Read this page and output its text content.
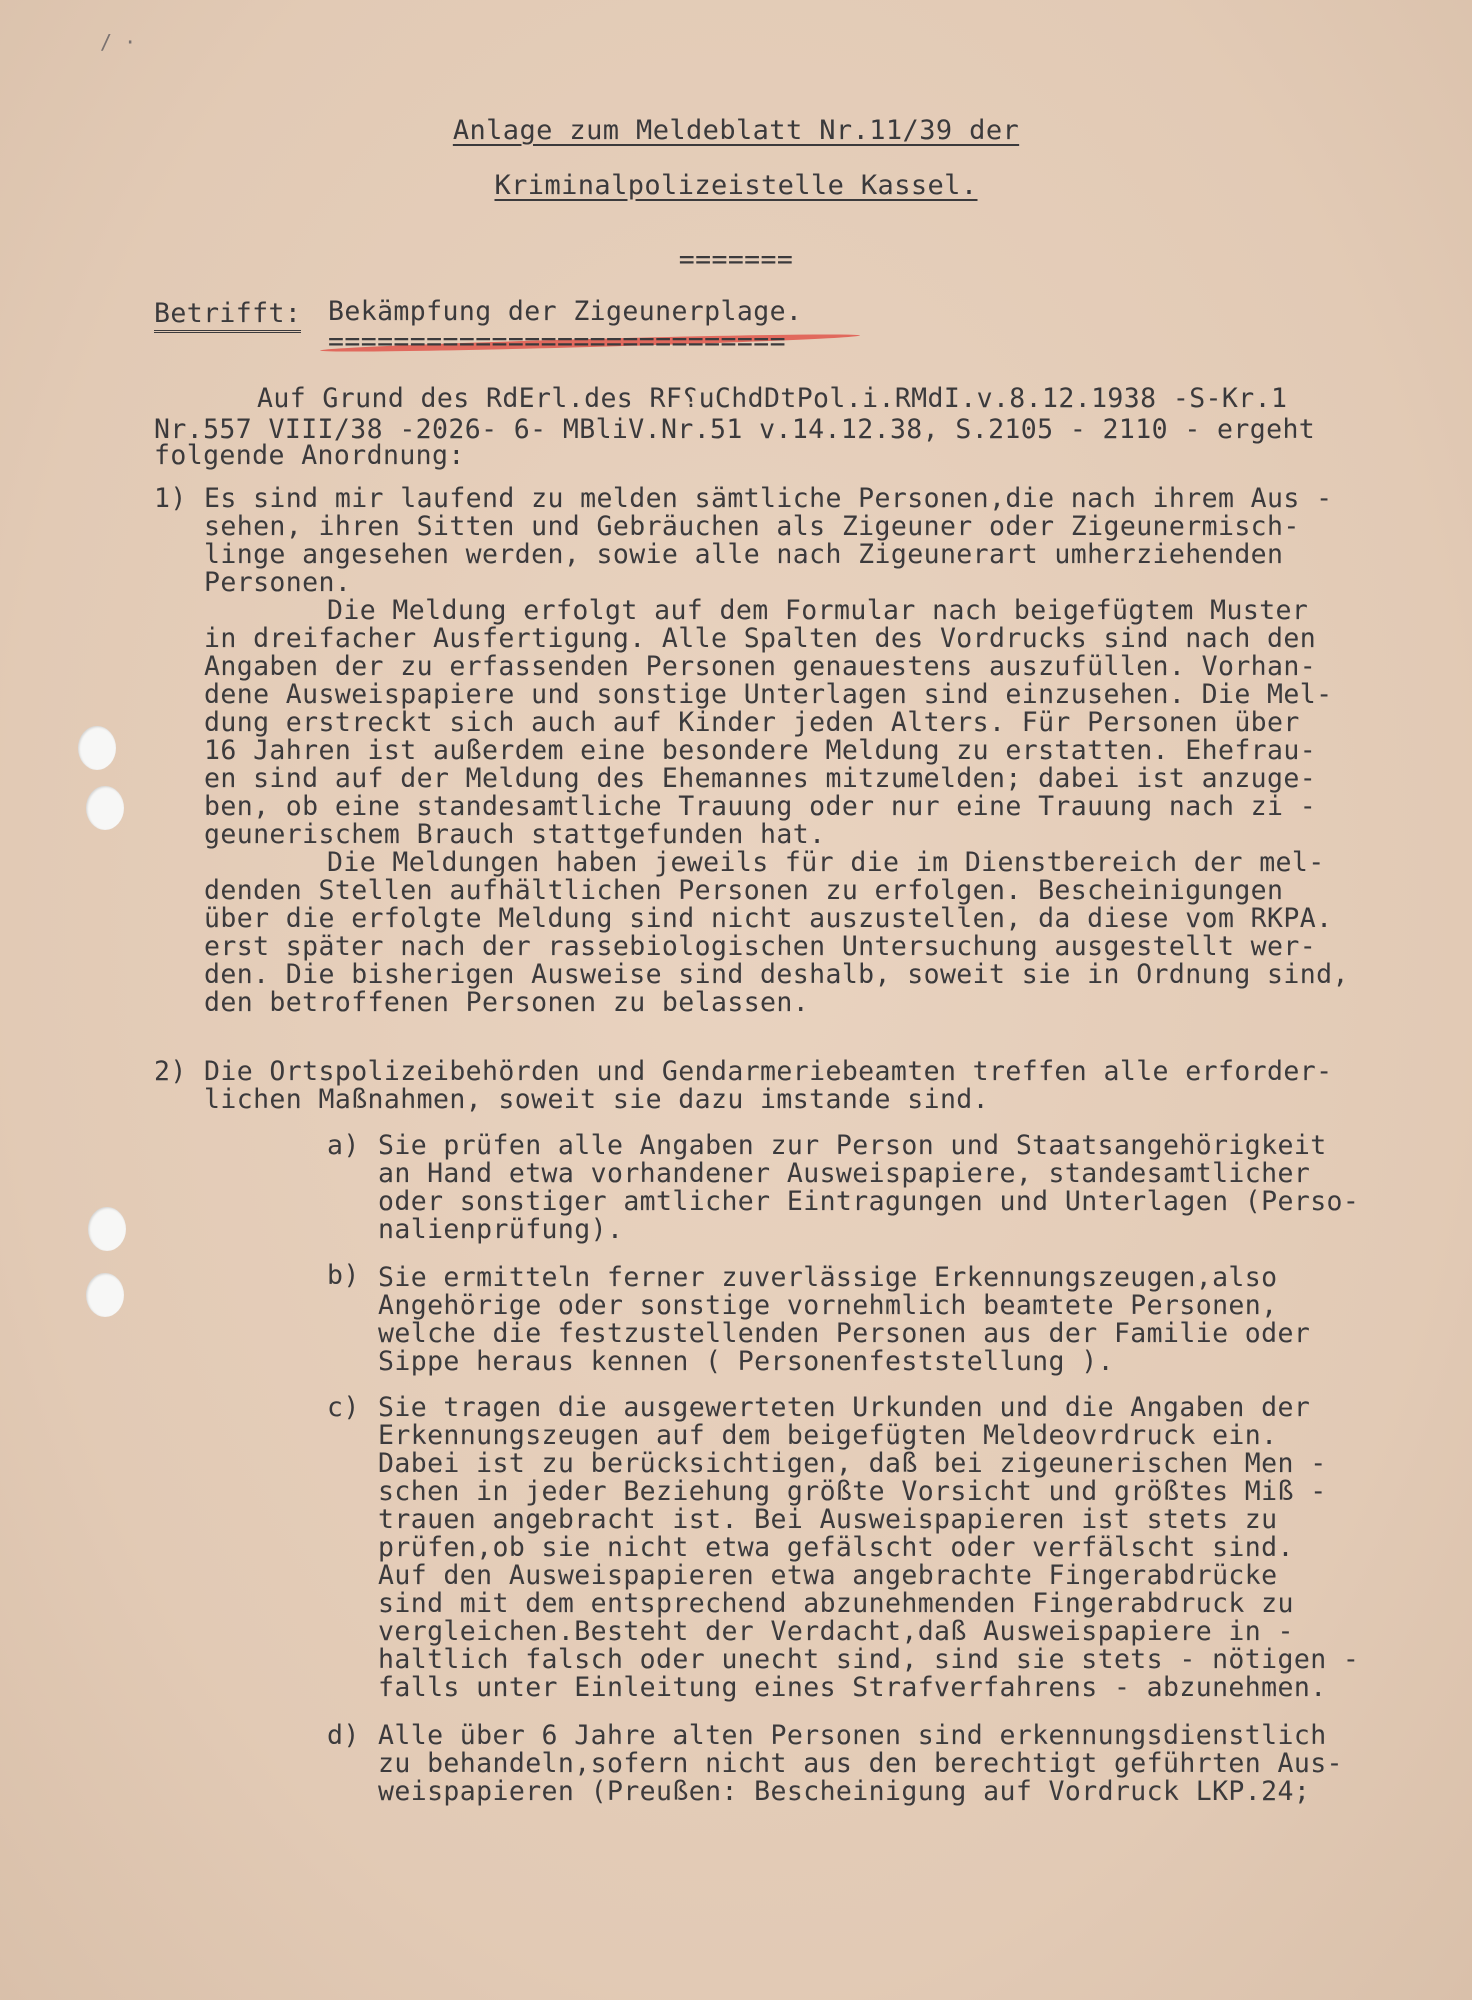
/ ·
Anlage zum Meldeblatt Nr.11/39 der
Kriminalpolizeistelle Kassel.
=======
Betrifft: Bekämpfung der Zigeunerplage.
============================
Auf Grund des RdErl.des RF⸮uChdDtPol.i.RMdI.v.8.12.1938 -S-Kr.1
Nr.557 VIII/38 -2026- 6- MBliV.Nr.51 v.14.12.38, S.2105 - 2110 - ergeht
folgende Anordnung:
1) Es sind mir laufend zu melden sämtliche Personen,die nach ihrem Aus -
sehen, ihren Sitten und Gebräuchen als Zigeuner oder Zigeunermisch-
linge angesehen werden, sowie alle nach Zigeunerart umherziehenden
Personen.
Die Meldung erfolgt auf dem Formular nach beigefügtem Muster
in dreifacher Ausfertigung. Alle Spalten des Vordrucks sind nach den
Angaben der zu erfassenden Personen genauestens auszufüllen. Vorhan-
dene Ausweispapiere und sonstige Unterlagen sind einzusehen. Die Mel-
dung erstreckt sich auch auf Kinder jeden Alters. Für Personen über
16 Jahren ist außerdem eine besondere Meldung zu erstatten. Ehefrau-
en sind auf der Meldung des Ehemannes mitzumelden; dabei ist anzuge-
ben, ob eine standesamtliche Trauung oder nur eine Trauung nach zi -
geunerischem Brauch stattgefunden hat.
Die Meldungen haben jeweils für die im Dienstbereich der mel-
denden Stellen aufhältlichen Personen zu erfolgen. Bescheinigungen
über die erfolgte Meldung sind nicht auszustellen, da diese vom RKPA.
erst später nach der rassebiologischen Untersuchung ausgestellt wer-
den. Die bisherigen Ausweise sind deshalb, soweit sie in Ordnung sind,
den betroffenen Personen zu belassen.
2) Die Ortspolizeibehörden und Gendarmeriebeamten treffen alle erforder-
lichen Maßnahmen, soweit sie dazu imstande sind.
a) Sie prüfen alle Angaben zur Person und Staatsangehörigkeit
an Hand etwa vorhandener Ausweispapiere, standesamtlicher
oder sonstiger amtlicher Eintragungen und Unterlagen (Perso-
nalienprüfung).
b) Sie ermitteln ferner zuverlässige Erkennungszeugen,also
Angehörige oder sonstige vornehmlich beamtete Personen,
welche die festzustellenden Personen aus der Familie oder
Sippe heraus kennen ( Personenfeststellung ).
c) Sie tragen die ausgewerteten Urkunden und die Angaben der
Erkennungszeugen auf dem beigefügten Meldeovrdruck ein.
Dabei ist zu berücksichtigen, daß bei zigeunerischen Men -
schen in jeder Beziehung größte Vorsicht und größtes Miß -
trauen angebracht ist. Bei Ausweispapieren ist stets zu
prüfen,ob sie nicht etwa gefälscht oder verfälscht sind.
Auf den Ausweispapieren etwa angebrachte Fingerabdrücke
sind mit dem entsprechend abzunehmenden Fingerabdruck zu
vergleichen.Besteht der Verdacht,daß Ausweispapiere in -
haltlich falsch oder unecht sind, sind sie stets - nötigen -
falls unter Einleitung eines Strafverfahrens - abzunehmen.
d) Alle über 6 Jahre alten Personen sind erkennungsdienstlich
zu behandeln,sofern nicht aus den berechtigt geführten Aus-
weispapieren (Preußen: Bescheinigung auf Vordruck LKP.24;
